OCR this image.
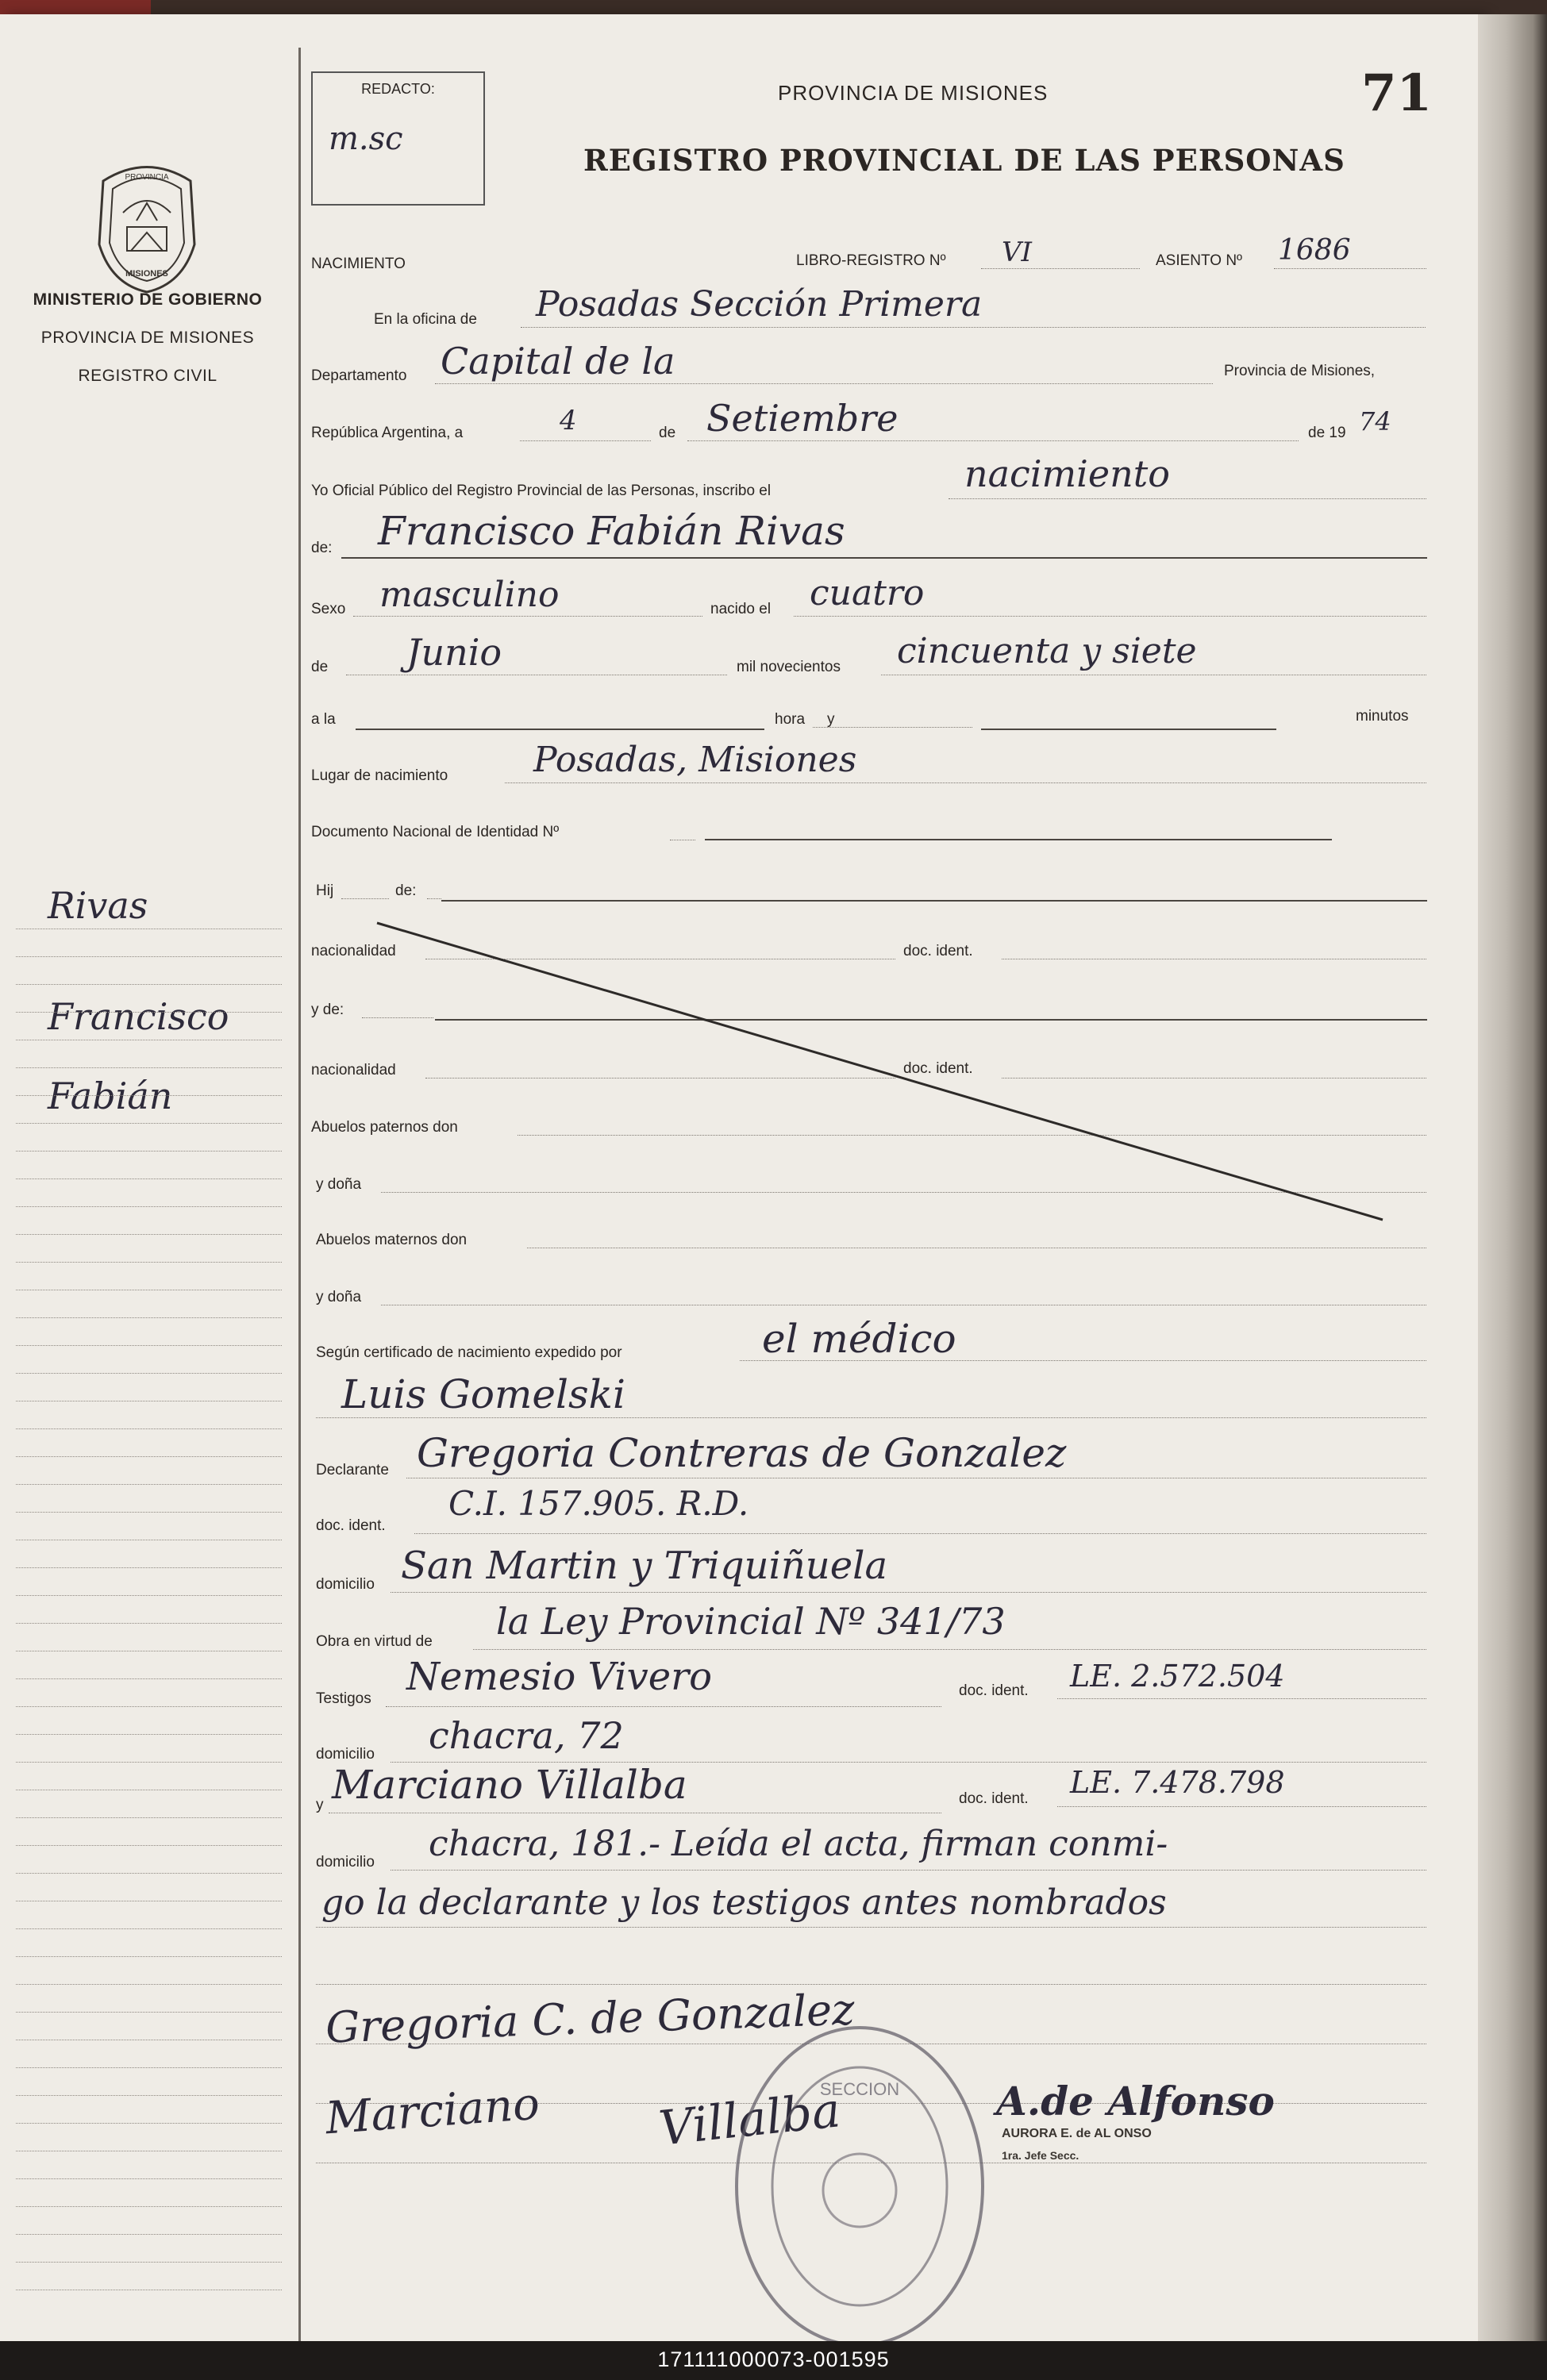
PROVINCIA
MISIONES
MINISTERIO DE GOBIERNO
PROVINCIA DE MISIONES
REGISTRO CIVIL
Rivas
Francisco
Fabián
REDACTO:
m.sc
71
PROVINCIA DE MISIONES
REGISTRO PROVINCIAL DE LAS PERSONAS
NACIMIENTO	LIBRO-REGISTRO Nº VI	ASIENTO Nº 1686
En la oficina de Posadas Sección Primera
Departamento Capital de la	Provincia de Misiones,
República Argentina, a	4	de Setiembre	de 19 74
Yo Oficial Público del Registro Provincial de las Personas, inscribo el	nacimiento
de: Francisco Fabián Rivas
Sexo masculino	nacido el cuatro
de Junio	mil novecientos cincuenta y siete
a la	hora y	minutos
Lugar de nacimiento Posadas, Misiones
Documento Nacional de Identidad Nº
Hij	de:
nacionalidad	doc. ident.
y de:
nacionalidad	doc. ident.
Abuelos paternos don
y doña
Abuelos maternos don
y doña
Según certificado de nacimiento expedido por	el médico
Luis Gomelski
Declarante Gregoria Contreras de Gonzalez
doc. ident.
C.I. 157.905. R.D.
domicilio San Martin y Triquiñuela
Obra en virtud de la Ley Provincial Nº 341/73
Testigos Nemesio Vivero	doc. ident. LE. 2.572.504
domicilio chacra, 72
y Marciano Villalba	doc. ident. LE. 7.478.798
domicilio chacra, 181.- Leída el acta, firman conmi-
go la declarante y los testigos antes nombrados
Gregoria C. de Gonzalez
Marciano Villalba	A.de Alfonso
AURORA E. de AL ONSO
1ra. Jefe Secc.
SECCION
171111000073-001595
